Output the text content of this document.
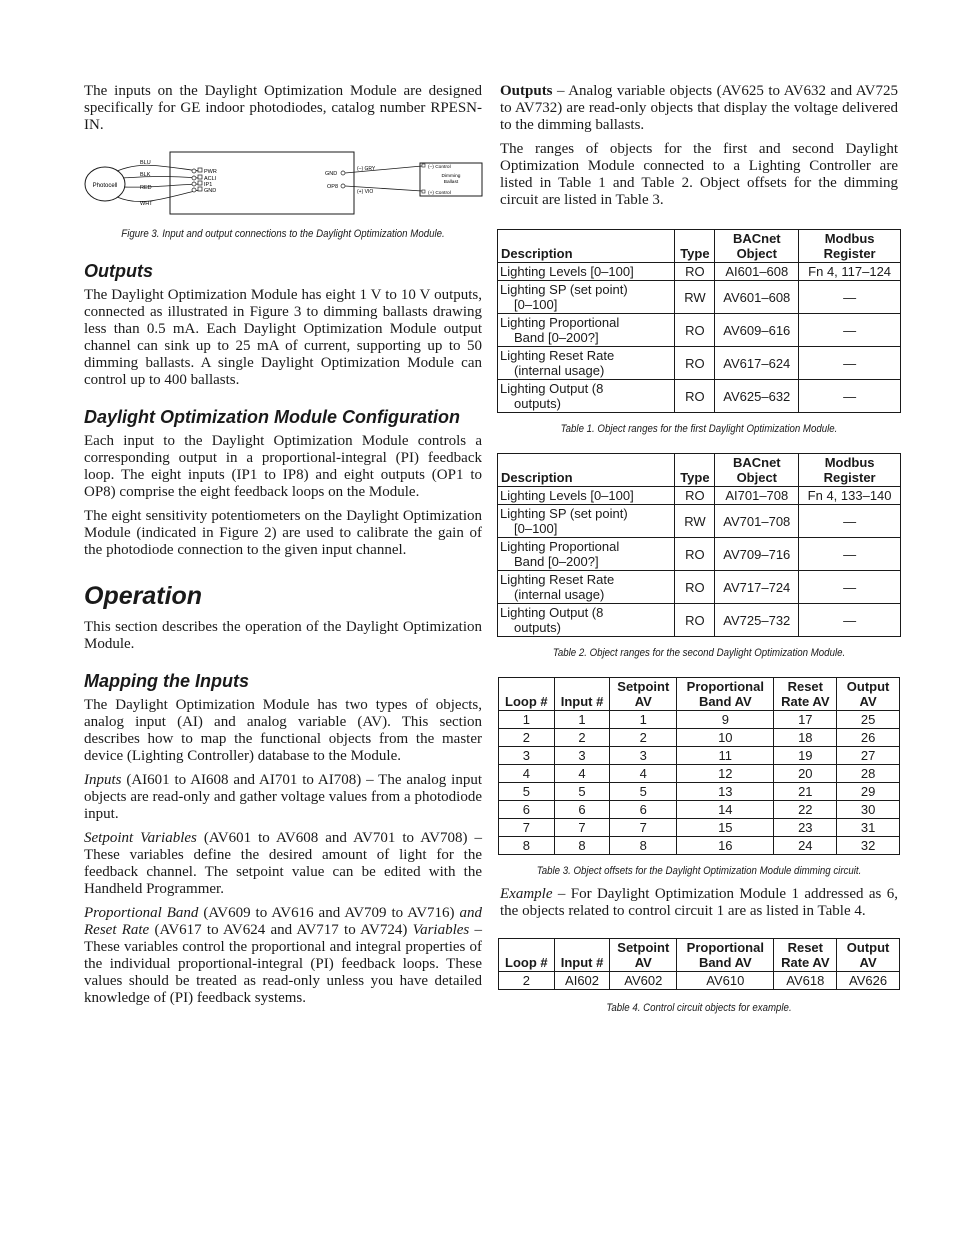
The inputs on the Daylight Optimization Module are designed specifically for GE indoor photodiodes, catalog number RPESN-IN.

Photocell
BLU
BLK
RED
WHT
PWR
ACLI
IP1
GND
GND
OP8
(–) GRY
(+) VIO
(–) Control
Dimming
Ballast
(+) Control
Figure 3. Input and output connections to the Daylight Optimization Module.
Outputs

The Daylight Optimization Module has eight 1 V to 10 V outputs, connected as illustrated in Figure 3 to dimming ballasts drawing less than 0.5 mA. Each Daylight Optimization Module output channel can sink up to 25 mA of current, supporting up to 50 dimming ballasts. A single Daylight Optimization Module can control up to 400 ballasts.

Daylight Optimization Module Configuration

Each input to the Daylight Optimization Module controls a corresponding output in a proportional-integral (PI) feedback loop. The eight inputs (IP1 to IP8) and eight outputs (OP1 to OP8) comprise the eight feedback loops on the Module.

The eight sensitivity potentiometers on the Daylight Optimization Module (indicated in Figure 2) are used to calibrate the gain of the photodiode connection to the given input channel.

Operation

This section describes the operation of the Daylight Optimization Module.

Mapping the Inputs

The Daylight Optimization Module has two types of objects, analog input (AI) and analog variable (AV). This section describes how to map the functional objects from the master device (Lighting Controller) database to the Module.

Inputs (AI601 to AI608 and AI701 to AI708) – The analog input objects are read-only and gather voltage values from a photodiode input.

Setpoint Variables (AV601 to AV608 and AV701 to AV708) – These variables define the desired amount of light for the feedback channel. The setpoint value can be edited with the Handheld Programmer.

Proportional Band (AV609 to AV616 and AV709 to AV716) and Reset Rate (AV617 to AV624 and AV717 to AV724) Variables – These variables control the proportional and integral properties of the individual proportional-integral (PI) feedback loops. These values should be treated as read-only unless you have detailed knowledge of (PI) feedback systems.

Outputs – Analog variable objects (AV625 to AV632 and AV725 to AV732) are read-only objects that display the voltage delivered to the dimming ballasts.

The ranges of objects for the first and second Daylight Optimization Module connected to a Lighting Controller are listed in Table 1 and Table 2. Object offsets for the dimming circuit are listed in Table 3.

Description	Type	BACnet Object	Modbus Register

Lighting Levels [0–100]	RO	AI601–608	Fn 4, 117–124

Lighting SP (set point)
[0–100]	RW	AV601–608	—

Lighting Proportional
Band [0–200?]	RO	AV609–616	—

Lighting Reset Rate
(internal usage)	RO	AV617–624	—

Lighting Output (8
outputs)	RO	AV625–632	—
Table 1. Object ranges for the first Daylight Optimization Module.
Description	Type	BACnet Object	Modbus Register

Lighting Levels [0–100]	RO	AI701–708	Fn 4, 133–140

Lighting SP (set point)
[0–100]	RW	AV701–708	—

Lighting Proportional
Band [0–200?]	RO	AV709–716	—

Lighting Reset Rate
(internal usage)	RO	AV717–724	—

Lighting Output (8
outputs)	RO	AV725–732	—
Table 2. Object ranges for the second Daylight Optimization Module.
Loop #	Input #	Setpoint AV	Proportional Band AV	Reset Rate AV	Output AV
1	1	1	9	17	25
2	2	2	10	18	26
3	3	3	11	19	27
4	4	4	12	20	28
5	5	5	13	21	29
6	6	6	14	22	30
7	7	7	15	23	31
8	8	8	16	24	32
Table 3. Object offsets for the Daylight Optimization Module dimming circuit.

Example – For Daylight Optimization Module 1 addressed as 6, the objects related to control circuit 1 are as listed in Table 4.

Loop #	Input #	Setpoint AV	Proportional Band AV	Reset Rate AV	Output AV
2	AI602	AV602	AV610	AV618	AV626
Table 4. Control circuit objects for example.
